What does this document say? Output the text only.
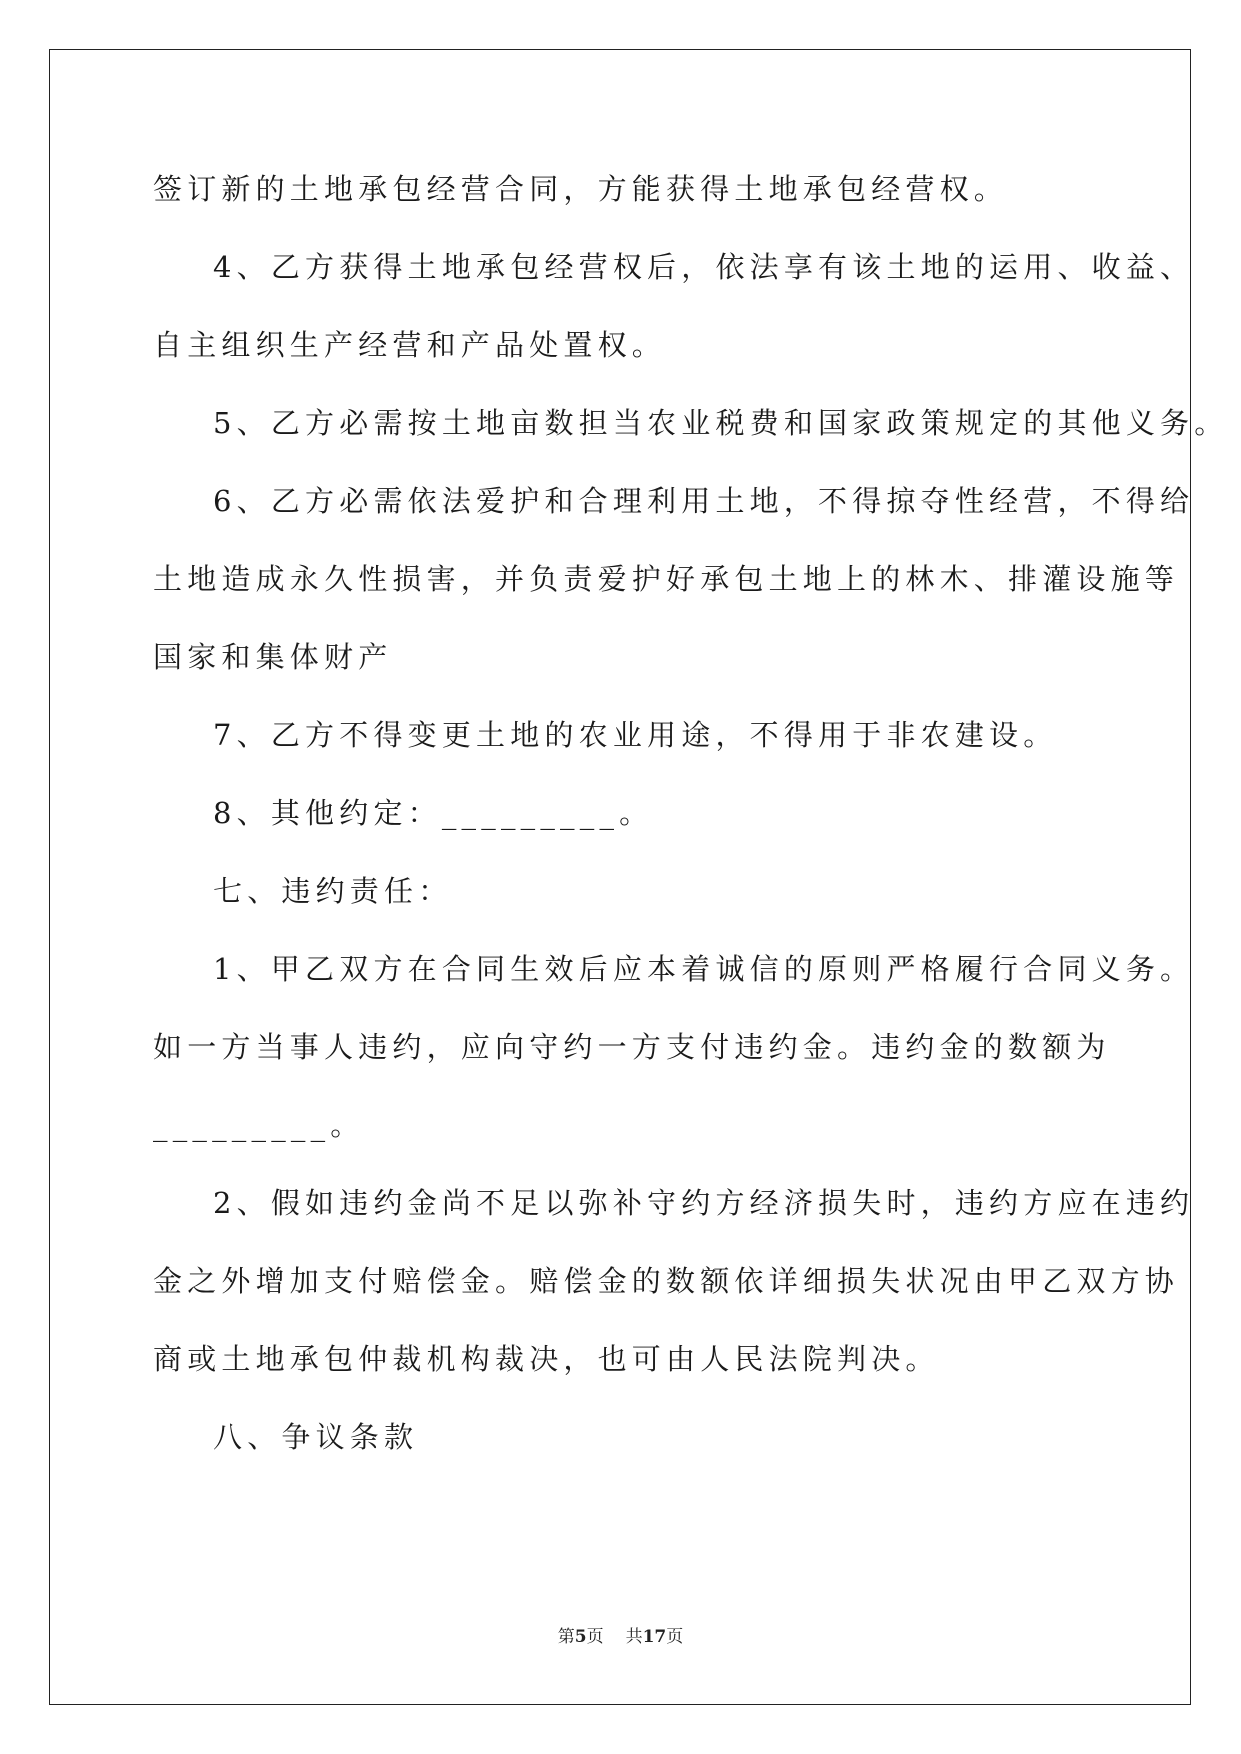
签订新的土地承包经营合同，方能获得土地承包经营权。
4、乙方获得土地承包经营权后，依法享有该土地的运用、收益、
自主组织生产经营和产品处置权。
5、乙方必需按土地亩数担当农业税费和国家政策规定的其他义务。
6、乙方必需依法爱护和合理利用土地，不得掠夺性经营，不得给
土地造成永久性损害，并负责爱护好承包土地上的林木、排灌设施等
国家和集体财产
7、乙方不得变更土地的农业用途，不得用于非农建设。
8、其他约定：_________。
七、违约责任：
1、甲乙双方在合同生效后应本着诚信的原则严格履行合同义务。
如一方当事人违约，应向守约一方支付违约金。违约金的数额为
_________。
2、假如违约金尚不足以弥补守约方经济损失时，违约方应在违约
金之外增加支付赔偿金。赔偿金的数额依详细损失状况由甲乙双方协
商或土地承包仲裁机构裁决，也可由人民法院判决。
八、争议条款
第5页 共17页
